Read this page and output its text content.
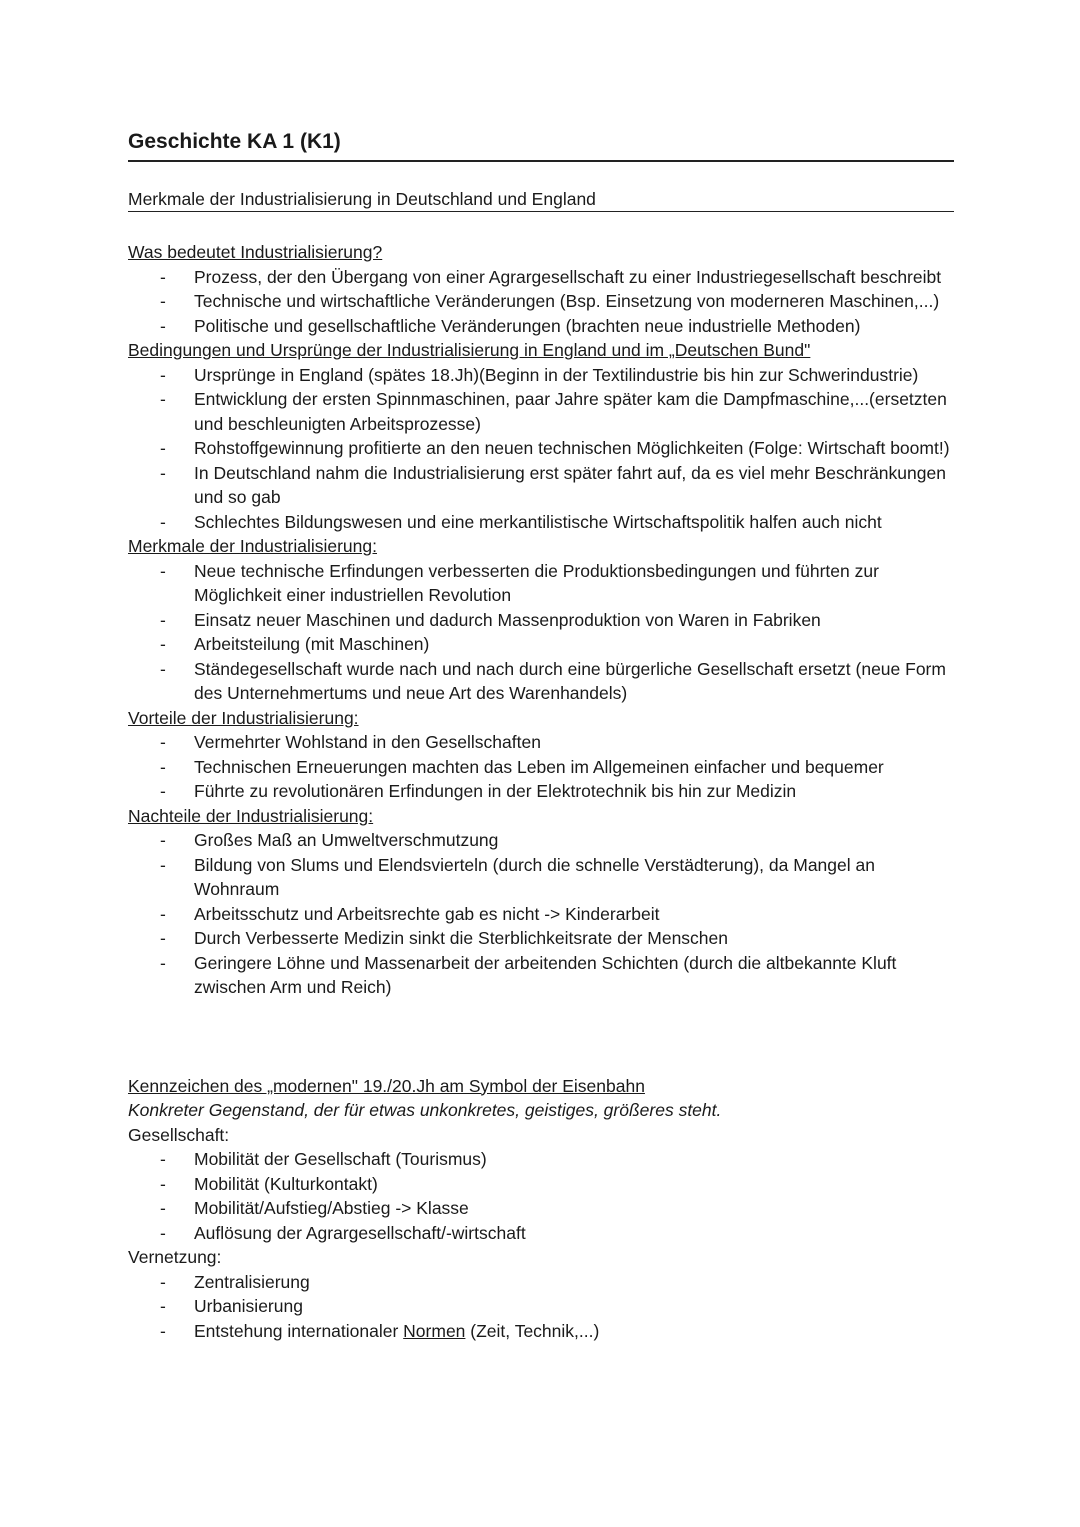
Geschichte KA 1 (K1)
Merkmale der Industrialisierung in Deutschland und England
Was bedeutet Industrialisierung?
- Prozess, der den Übergang von einer Agrargesellschaft zu einer Industriegesellschaft beschreibt
- Technische und wirtschaftliche Veränderungen (Bsp. Einsetzung von moderneren Maschinen,...)
- Politische und gesellschaftliche Veränderungen (brachten neue industrielle Methoden)
Bedingungen und Ursprünge der Industrialisierung in England und im „Deutschen Bund"
- Ursprünge in England (spätes 18.Jh)(Beginn in der Textilindustrie bis hin zur Schwerindustrie)
- Entwicklung der ersten Spinnmaschinen, paar Jahre später kam die Dampfmaschine,...(ersetzten und beschleunigten Arbeitsprozesse)
- Rohstoffgewinnung profitierte an den neuen technischen Möglichkeiten (Folge: Wirtschaft boomt!)
- In Deutschland nahm die Industrialisierung erst später fahrt auf, da es viel mehr Beschränkungen und so gab
- Schlechtes Bildungswesen und eine merkantilistische Wirtschaftspolitik halfen auch nicht
Merkmale der Industrialisierung:
- Neue technische Erfindungen verbesserten die Produktionsbedingungen und führten zur Möglichkeit einer industriellen Revolution
- Einsatz neuer Maschinen und dadurch Massenproduktion von Waren in Fabriken
- Arbeitsteilung (mit Maschinen)
- Ständegesellschaft wurde nach und nach durch eine bürgerliche Gesellschaft ersetzt (neue Form des Unternehmertums und neue Art des Warenhandels)
Vorteile der Industrialisierung:
- Vermehrter Wohlstand in den Gesellschaften
- Technischen Erneuerungen machten das Leben im Allgemeinen einfacher und bequemer
- Führte zu revolutionären Erfindungen in der Elektrotechnik bis hin zur Medizin
Nachteile der Industrialisierung:
- Großes Maß an Umweltverschmutzung
- Bildung von Slums und Elendsvierteln (durch die schnelle Verstädterung), da Mangel an Wohnraum
- Arbeitsschutz und Arbeitsrechte gab es nicht -> Kinderarbeit
- Durch Verbesserte Medizin sinkt die Sterblichkeitsrate der Menschen
- Geringere Löhne und Massenarbeit der arbeitenden Schichten (durch die altbekannte Kluft zwischen Arm und Reich)
Kennzeichen des „modernen" 19./20.Jh am Symbol der Eisenbahn
Konkreter Gegenstand, der für etwas unkonkretes, geistiges, größeres steht.
Gesellschaft:
- Mobilität der Gesellschaft (Tourismus)
- Mobilität (Kulturkontakt)
- Mobilität/Aufstieg/Abstieg -> Klasse
- Auflösung der Agrargesellschaft/-wirtschaft
Vernetzung:
- Zentralisierung
- Urbanisierung
- Entstehung internationaler Normen (Zeit, Technik,...)
